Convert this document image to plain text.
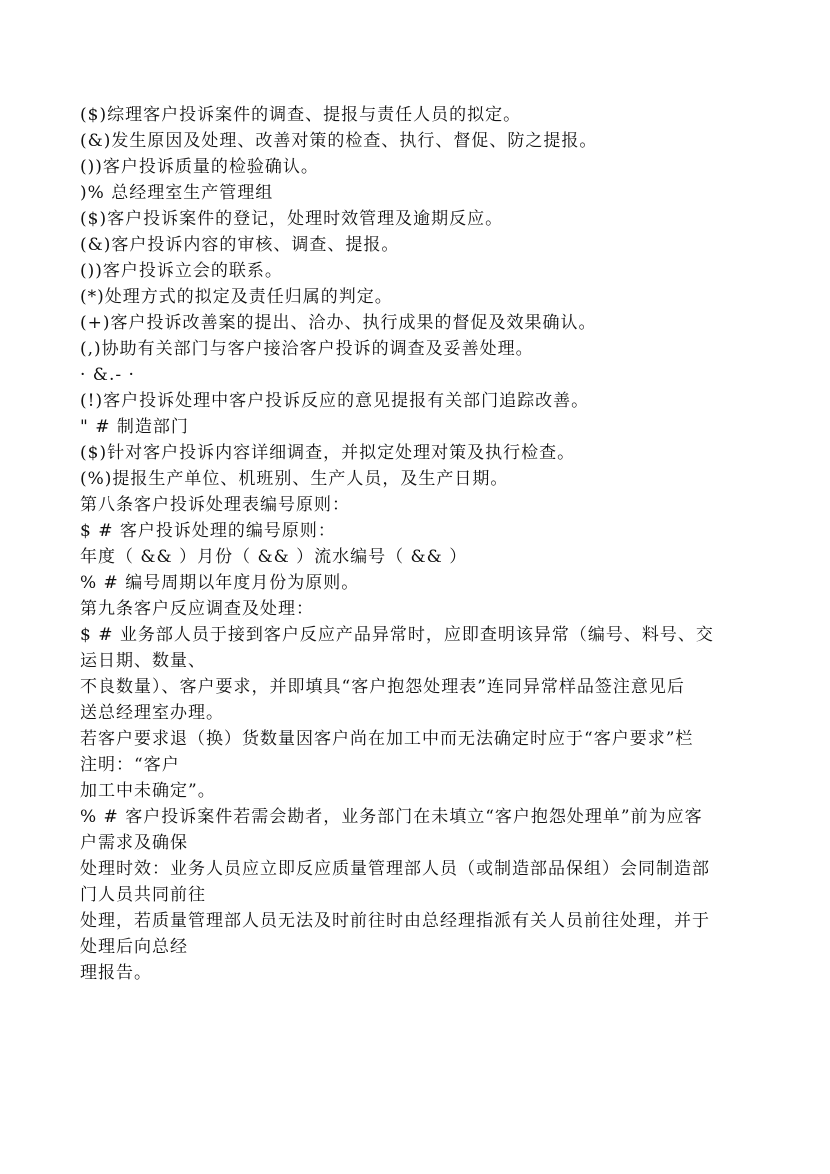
($)综理客户投诉案件的调查、提报与责任人员的拟定。
(&)发生原因及处理、改善对策的检查、执行、督促、防之提报。
())客户投诉质量的检验确认。
)% 总经理室生产管理组
($)客户投诉案件的登记，处理时效管理及逾期反应。
(&)客户投诉内容的审核、调查、提报。
())客户投诉立会的联系。
(*)处理方式的拟定及责任归属的判定。
(+)客户投诉改善案的提出、洽办、执行成果的督促及效果确认。
(,)协助有关部门与客户接洽客户投诉的调查及妥善处理。
· &.- ·
(!)客户投诉处理中客户投诉反应的意见提报有关部门追踪改善。
" # 制造部门
($)针对客户投诉内容详细调查，并拟定处理对策及执行检查。
(%)提报生产单位、机班别、生产人员，及生产日期。
第八条客户投诉处理表编号原则：
$ # 客户投诉处理的编号原则：
年度（ && ）月份（ && ）流水编号（ && ）
% # 编号周期以年度月份为原则。
第九条客户反应调查及处理：
$ # 业务部人员于接到客户反应产品异常时，应即查明该异常（编号、料号、交
运日期、数量、
不良数量）、客户要求，并即填具“客户抱怨处理表”连同异常样品签注意见后
送总经理室办理。
若客户要求退（换）货数量因客户尚在加工中而无法确定时应于“客户要求”栏
注明：“客户
加工中未确定”。
% # 客户投诉案件若需会勘者，业务部门在未填立“客户抱怨处理单”前为应客
户需求及确保
处理时效：业务人员应立即反应质量管理部人员（或制造部品保组）会同制造部
门人员共同前往
处理，若质量管理部人员无法及时前往时由总经理指派有关人员前往处理，并于
处理后向总经
理报告。
